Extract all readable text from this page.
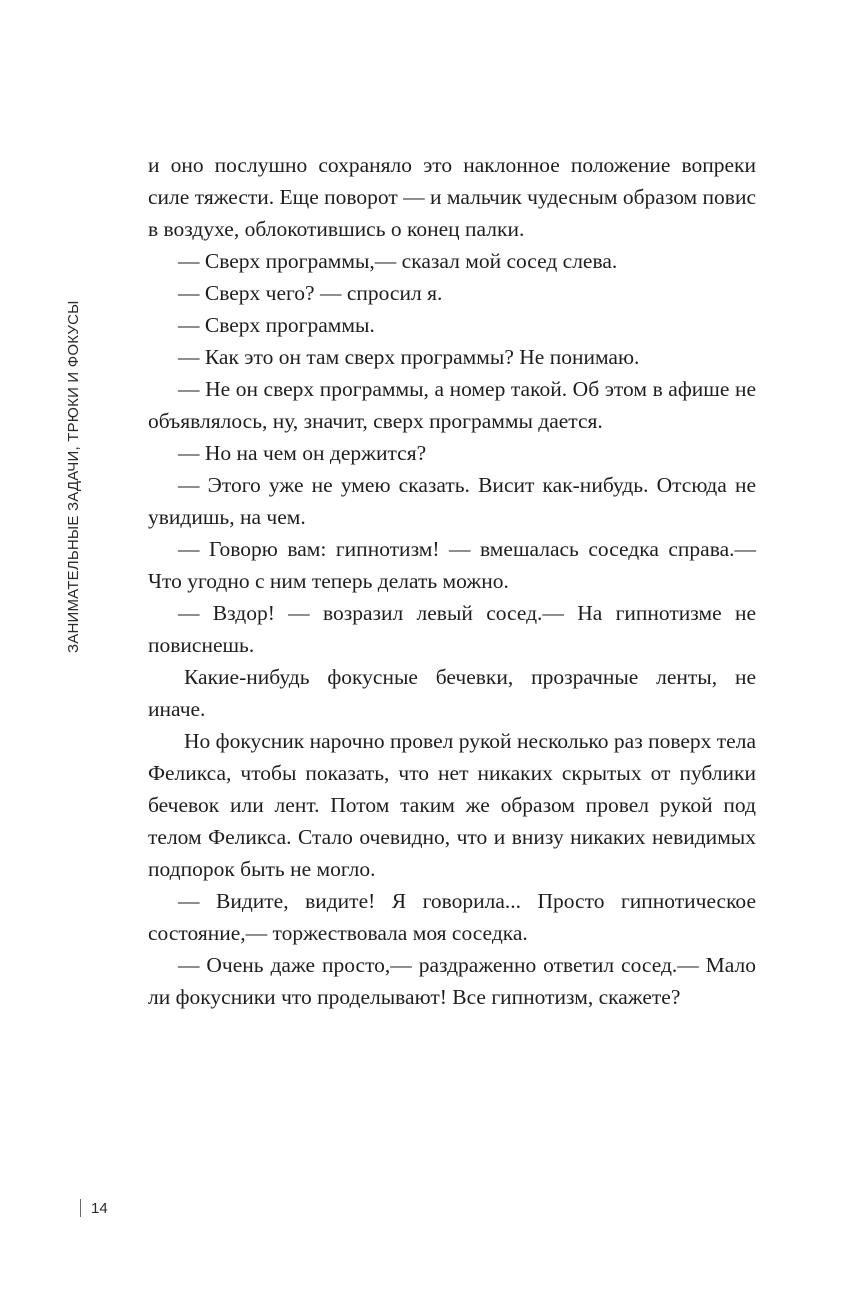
ЗАНИМАТЕЛЬНЫЕ ЗАДАЧИ, ТРЮКИ И ФОКУСЫ

и оно послушно сохраняло это наклонное положение вопреки силе тяжести. Еще поворот — и мальчик чудесным образом повис в воздухе, облокотившись о конец палки.

— Сверх программы,— сказал мой сосед слева.

— Сверх чего? — спросил я.

— Сверх программы.

— Как это он там сверх программы? Не понимаю.

— Не он сверх программы, а номер такой. Об этом в афише не объявлялось, ну, значит, сверх программы дается.

— Но на чем он держится?

— Этого уже не умею сказать. Висит как-нибудь. Отсюда не увидишь, на чем.

— Говорю вам: гипнотизм! — вмешалась соседка справа.— Что угодно с ним теперь делать можно.

— Вздор! — возразил левый сосед.— На гипнотизме не повиснешь.

Какие-нибудь фокусные бечевки, прозрачные ленты, не иначе.

Но фокусник нарочно провел рукой несколько раз поверх тела Феликса, чтобы показать, что нет никаких скрытых от публики бечевок или лент. Потом таким же образом провел рукой под телом Феликса. Стало очевидно, что и внизу никаких невидимых подпорок быть не могло.

— Видите, видите! Я говорила... Просто гипнотическое состояние,— торжествовала моя соседка.

— Очень даже просто,— раздраженно ответил сосед.— Мало ли фокусники что проделывают! Все гипнотизм, скажете?

14
